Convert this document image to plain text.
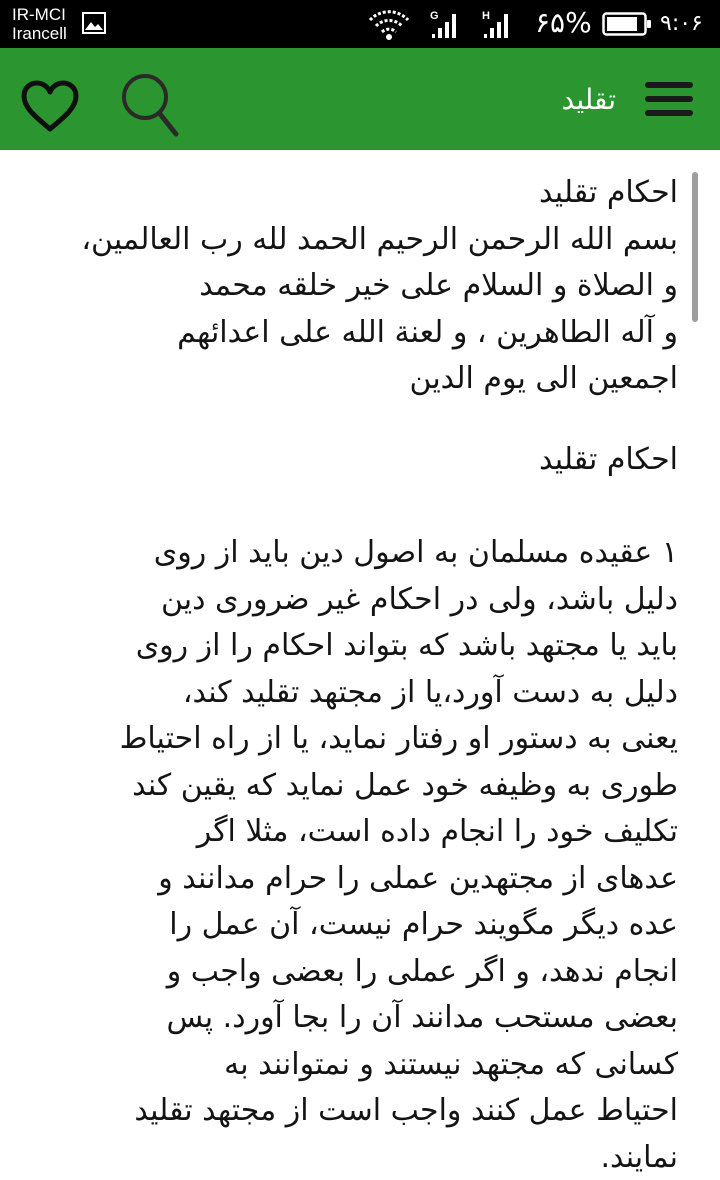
IR-MCI
Irancell
G	H ۶۵%	۹:۰۶
تقلید
احکام تقلید
بسم الله الرحمن الرحيم الحمد لله رب العالمين،
و الصلاة و السلام على خير خلقه محمد
و آله الطاهرين ، و لعنة الله على اعدائهم
اجمعين الى يوم الدين
احکام تقلید
۱ عقیده مسلمان به اصول دین باید از روی
دلیل باشد، ولی در احکام غیر ضروری دین
باید یا مجتهد باشد که بتواند احکام را از روی
دلیل به دست آورد،یا از مجتهد تقلید کند،
یعنی به دستور او رفتار نماید، یا از راه احتیاط
طوری به وظیفه خود عمل نماید که یقین کند
تکلیف خود را انجام داده است، مثلا اگر
عدهای از مجتهدین عملی را حرام مدانند و
عده دیگر مگویند حرام نیست، آن عمل را
انجام ندهد، و اگر عملی را بعضی واجب و
بعضی مستحب مدانند آن را بجا آورد. پس
کسانی که مجتهد نیستند و نمتوانند به
احتیاط عمل کنند واجب است از مجتهد تقلید
نمایند.
